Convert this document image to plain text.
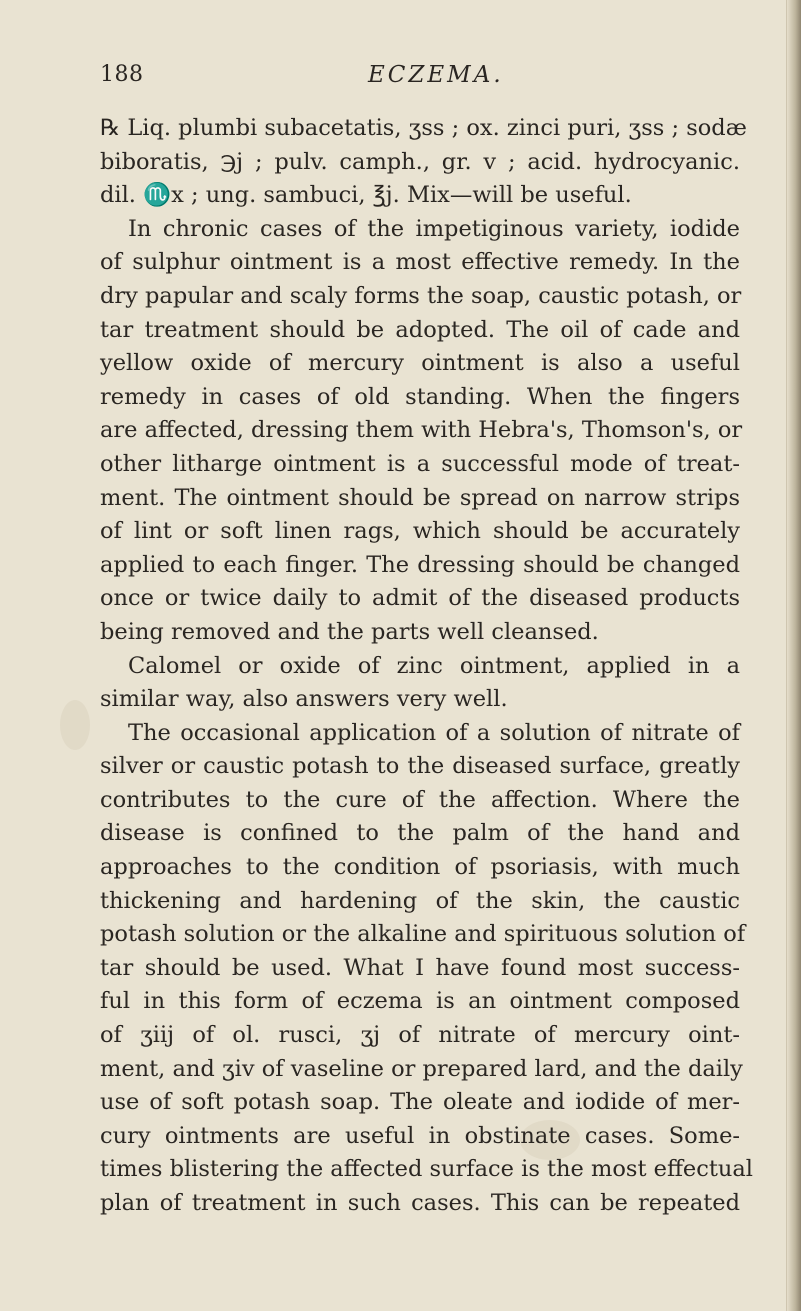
188	ECZEMA.
℞ Liq. plumbi subacetatis, ʒss ; ox. zinci puri, ʒss ; sodæ
biboratis, ℈j ; pulv. camph., gr. v ; acid. hydrocyanic.
dil. ♏x ; ung. sambuci, ℥j. Mix—will be useful.
In chronic cases of the impetiginous variety, iodide
of sulphur ointment is a most effective remedy. In the
dry papular and scaly forms the soap, caustic potash, or
tar treatment should be adopted. The oil of cade and
yellow oxide of mercury ointment is also a useful
remedy in cases of old standing. When the fingers
are affected, dressing them with Hebra's, Thomson's, or
other litharge ointment is a successful mode of treat-
ment. The ointment should be spread on narrow strips
of lint or soft linen rags, which should be accurately
applied to each finger. The dressing should be changed
once or twice daily to admit of the diseased products
being removed and the parts well cleansed.
Calomel or oxide of zinc ointment, applied in a
similar way, also answers very well.
The occasional application of a solution of nitrate of
silver or caustic potash to the diseased surface, greatly
contributes to the cure of the affection. Where the
disease is confined to the palm of the hand and
approaches to the condition of psoriasis, with much
thickening and hardening of the skin, the caustic
potash solution or the alkaline and spirituous solution of
tar should be used. What I have found most success-
ful in this form of eczema is an ointment composed
of ʒiij of ol. rusci, ʒj of nitrate of mercury oint-
ment, and ʒiv of vaseline or prepared lard, and the daily
use of soft potash soap. The oleate and iodide of mer-
cury ointments are useful in obstinate cases. Some-
times blistering the affected surface is the most effectual
plan of treatment in such cases. This can be repeated
